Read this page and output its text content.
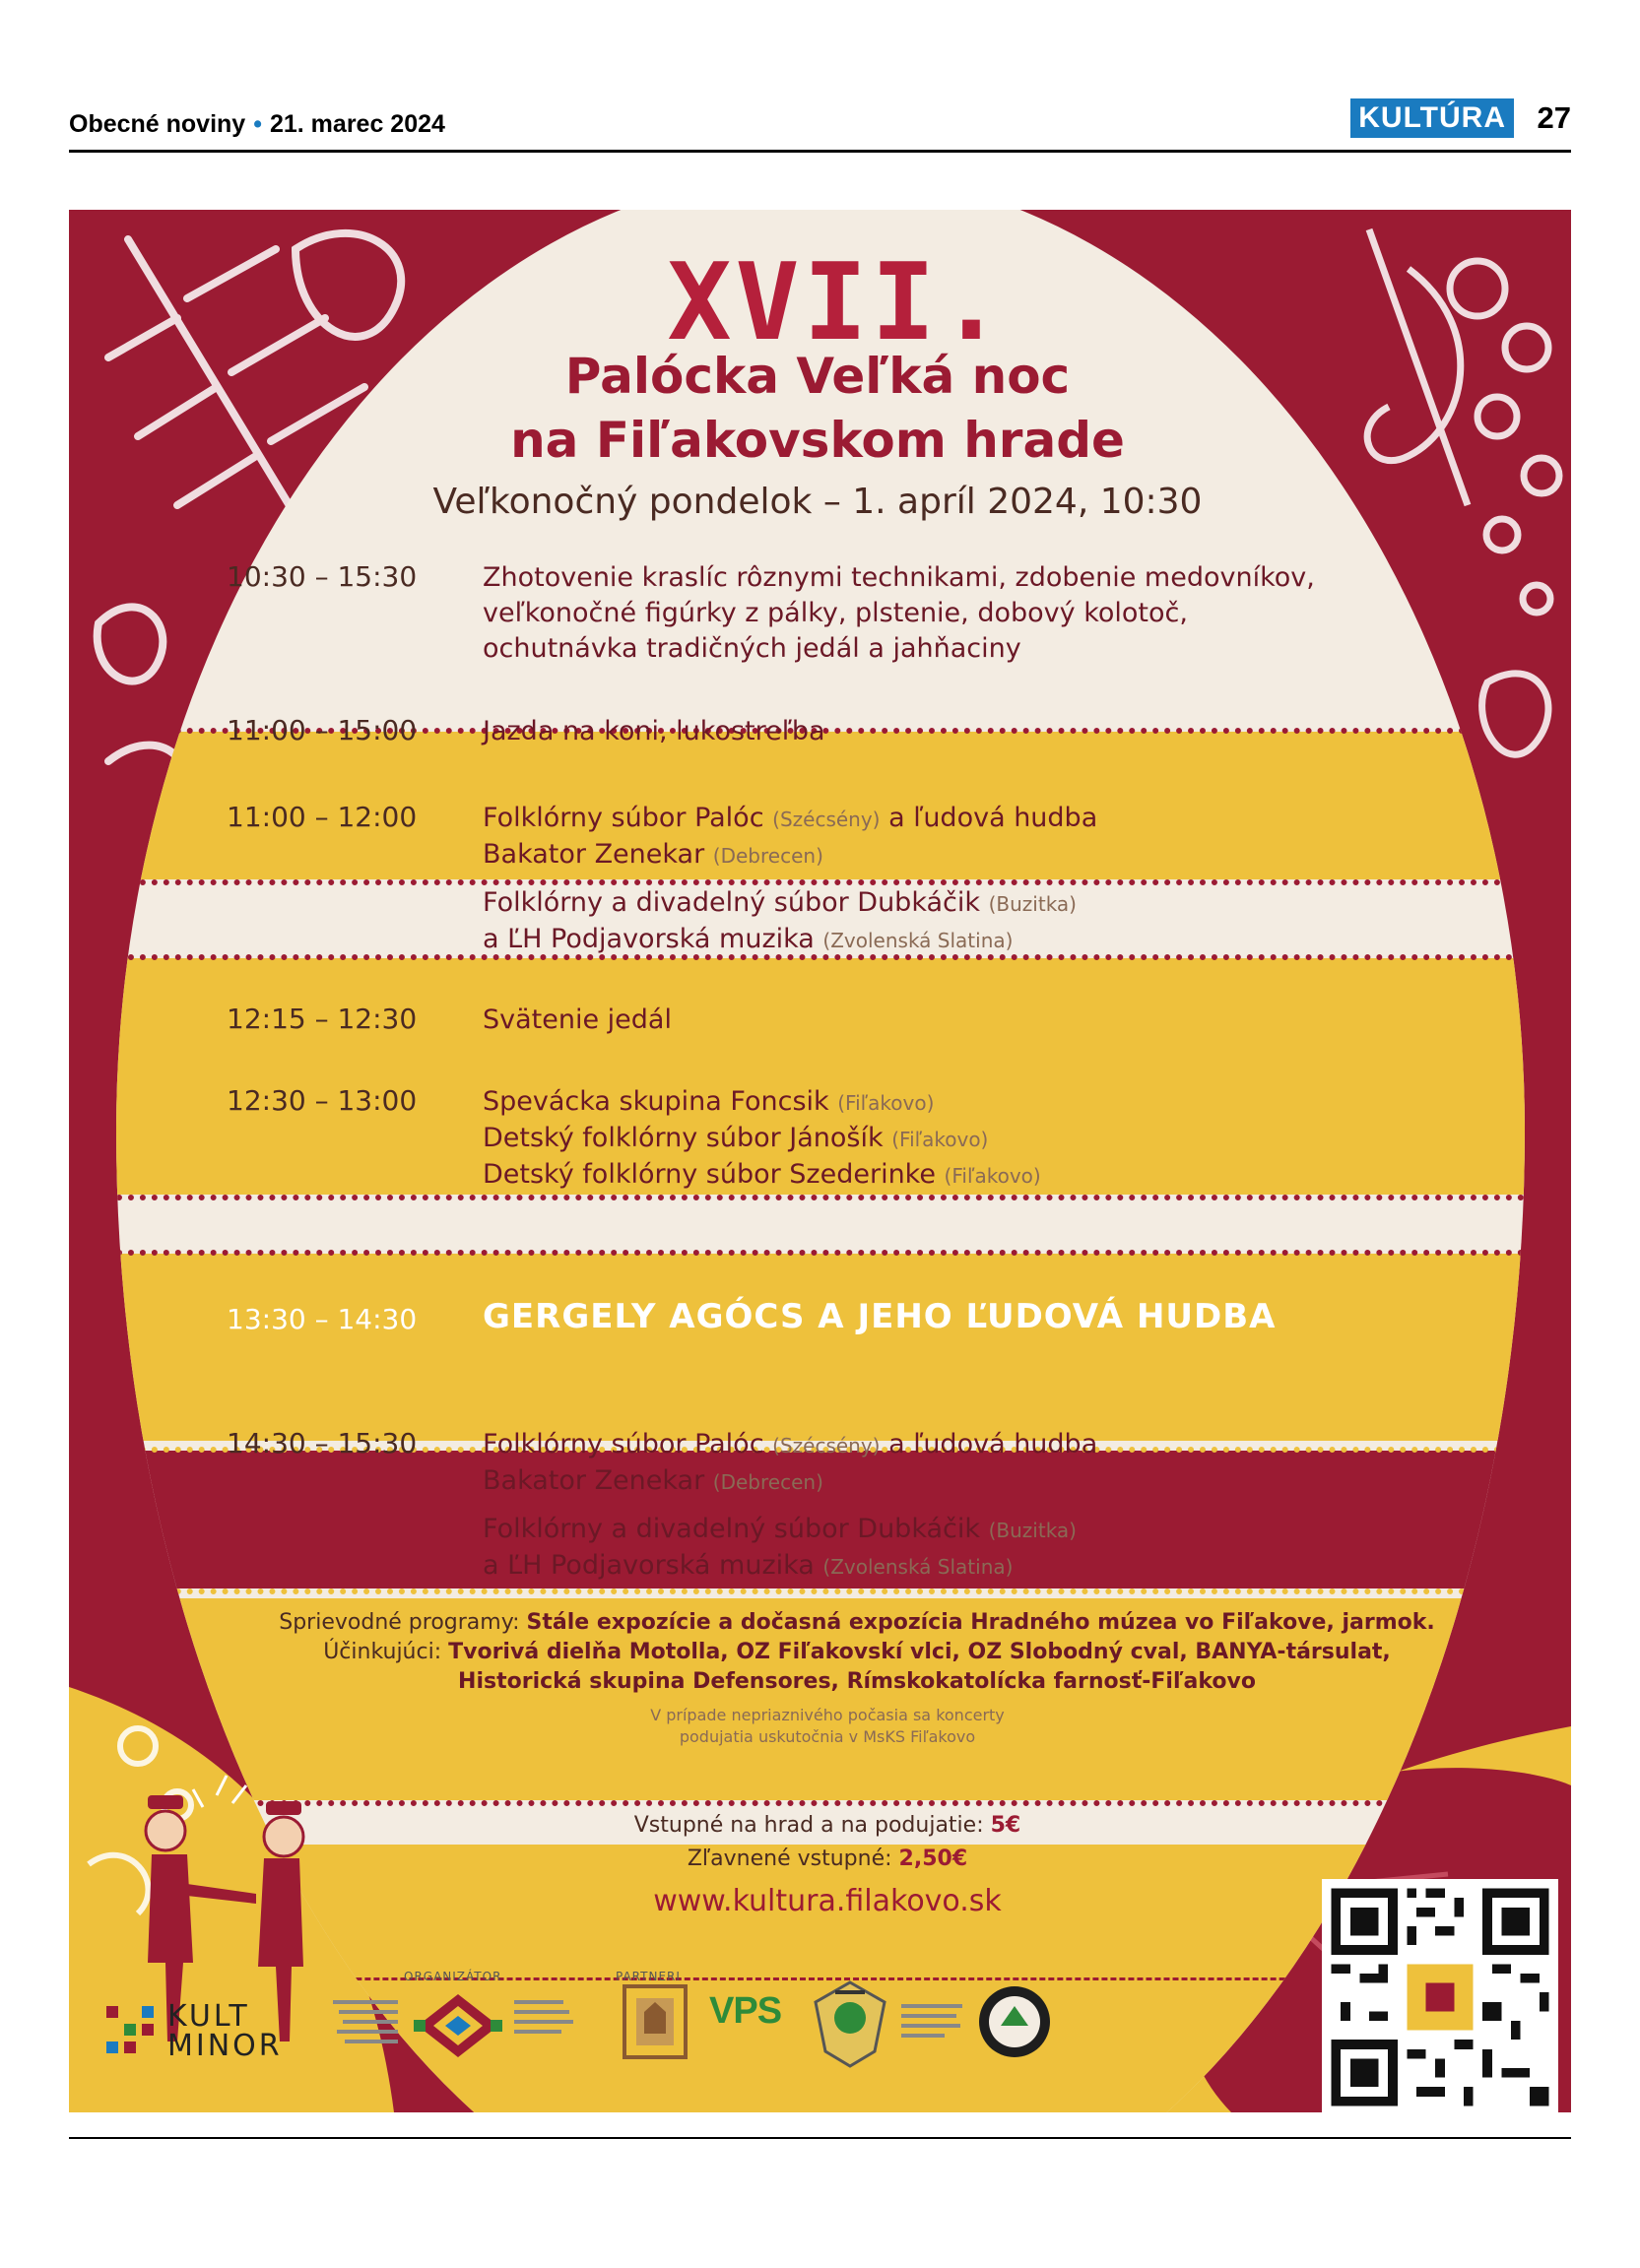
Obecné noviny • 21. marec 2024	KULTÚRA 27
XVII.
Palócka Veľká noc
na Fiľakovskom hrade
Veľkonočný pondelok – 1. apríl 2024, 10:30
10:30 – 15:30 Zhotovenie kraslíc rôznymi technikami, zdobenie medovníkov,
veľkonočné figúrky z pálky, plstenie, dobový kolotoč,
ochutnávka tradičných jedál a jahňaciny
11:00 – 15:00 Jazda na koni, lukostreľba
11:00 – 12:00 Folklórny súbor Palóc (Szécsény) a ľudová hudba
Bakator Zenekar (Debrecen)
Folklórny a divadelný súbor Dubkáčik (Buzitka)
a ĽH Podjavorská muzika (Zvolenská Slatina)
12:15 – 12:30 Svätenie jedál
12:30 – 13:00 Spevácka skupina Foncsik (Fiľakovo)
Detský folklórny súbor Jánošík (Fiľakovo)
Detský folklórny súbor Szederinke (Fiľakovo)
13:30 – 14:30 GERGELY AGÓCS A JEHO ĽUDOVÁ HUDBA
14:30 – 15:30 Folklórny súbor Palóc (Szécsény) a ľudová hudba
Bakator Zenekar (Debrecen)
Folklórny a divadelný súbor Dubkáčik (Buzitka)
a ĽH Podjavorská muzika (Zvolenská Slatina)
Sprievodné programy: Stále expozície a dočasná expozícia Hradného múzea vo Fiľakove, jarmok.
Účinkujúci: Tvorivá dielňa Motolla, OZ Fiľakovskí vlci, OZ Slobodný cval, BANYA-társulat,
Historická skupina Defensores, Rímskokatolícka farnosť-Fiľakovo
V prípade nepriaznivého počasia sa koncerty
podujatia uskutočnia v MsKS Fiľakovo
Vstupné na hrad a na podujatie: 5€
Zľavnené vstupné: 2,50€
www.kultura.filakovo.sk
ORGANIZÁTOR	PARTNERI
KULT
MINOR
VPS
